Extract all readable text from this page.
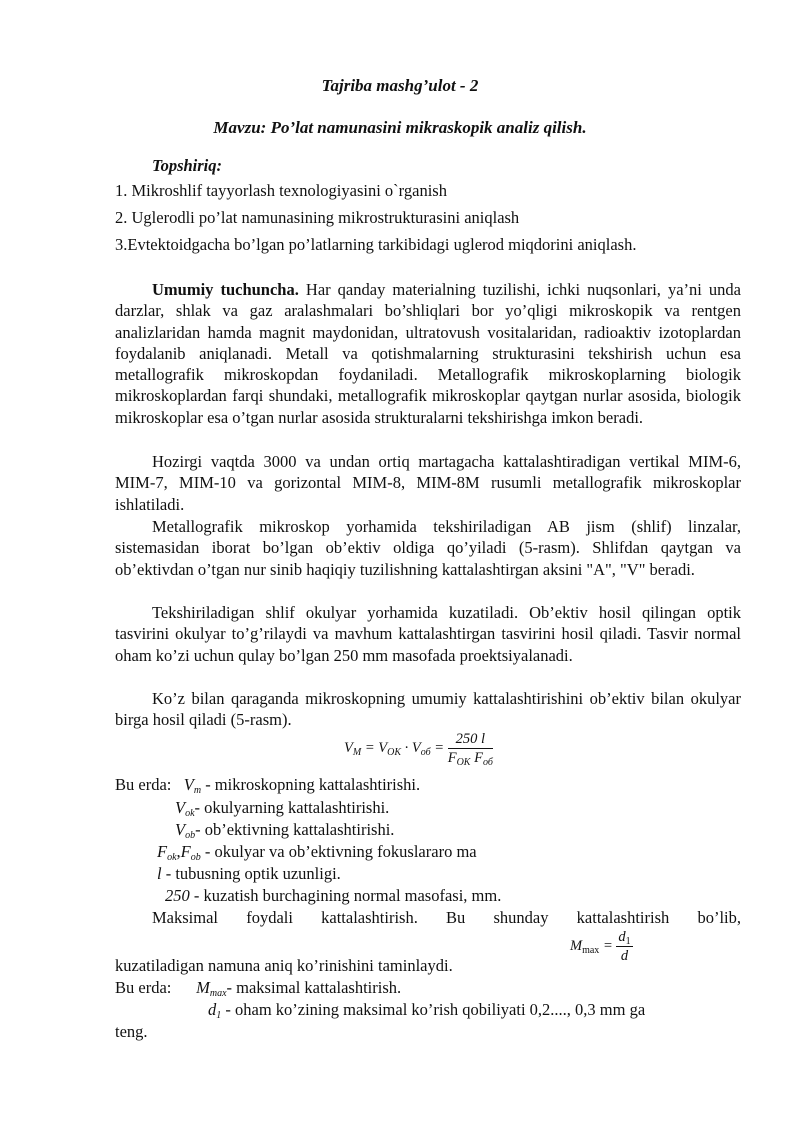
Tajriba mashg’ulot - 2
Mavzu: Po’lat namunasini mikraskopik analiz qilish.
Topshiriq:
1. Mikroshlif tayyorlash texnologiyasini o`rganish
2. Uglerodli po’lat namunasining mikrostrukturasini aniqlash
3.Evtektoidgacha bo’lgan po’latlarning tarkibidagi uglerod miqdorini aniqlash.
Umumiy tuchuncha. Har qanday materialning tuzilishi, ichki nuqsonlari, ya’ni unda darzlar, shlak va gaz aralashmalari bo’shliqlari bor yo’qligi mikroskopik va rentgen analizlaridan hamda magnit maydonidan, ultratovush vositalaridan, radioaktiv izotoplardan foydalanib aniqlanadi. Metall va qotishmalarning strukturasini tekshirish uchun esa metallografik mikroskopdan foydaniladi. Metallografik mikroskoplarning biologik mikroskoplardan farqi shundaki, metallografik mikroskoplar qaytgan nurlar asosida, biologik mikroskoplar esa o’tgan nurlar asosida strukturalarni tekshirishga imkon beradi.
Hozirgi vaqtda 3000 va undan ortiq martagacha kattalashtiradigan vertikal MIM-6, MIM-7, MIM-10 va gorizontal MIM-8, MIM-8M rusumli metallografik mikroskoplar ishlatiladi.
Metallografik mikroskop yorhamida tekshiriladigan AB jism (shlif) linzalar, sistemasidan iborat bo’lgan ob’ektiv oldiga qo’yiladi (5-rasm). Shlifdan qaytgan va ob’ektivdan o’tgan nur sinib haqiqiy tuzilishning kattalashtirgan aksini "A", "V" beradi.
Tekshiriladigan shlif okulyar yorhamida kuzatiladi. Ob’ektiv hosil qilingan optik tasvirini okulyar to’g’rilaydi va mavhum kattalashtirgan tasvirini hosil qiladi. Tasvir normal oham ko’zi uchun qulay bo’lgan 250 mm masofada proektsiyalanadi.
Ko’z bilan qaraganda mikroskopning umumiy kattalashtirishini ob’ektiv bilan okulyar birga hosil qiladi (5-rasm).
$V_M = V_{OK} \cdot V_{об} = \frac{250 l}{F_{OK} F_{об}}$
Bu erda: $V_m$ - mikroskopning kattalashtirishi.
$V_{ok}-$ okulyarning kattalashtirishi.
$V_{ob}-$ ob’ektivning kattalashtirishi.
$F_{ok},F_{ob}$ - okulyar va ob’ektivning fokuslararo ma
l - tubusning optik uzunligi.
250 - kuzatish burchagining normal masofasi, mm.
Maksimal foydali kattalashtirish. Bu shunday kattalashtirish bo’lib,
kuzatiladigan namuna aniq ko’rinishini taminlaydi.
$M_{max} = \frac{d_1}{d}$
Bu erda: $M_{max}-$ maksimal kattalashtirish.
$d_1$ - oham ko’zining maksimal ko’rish qobiliyati 0,2...., 0,3 mm ga
teng.
